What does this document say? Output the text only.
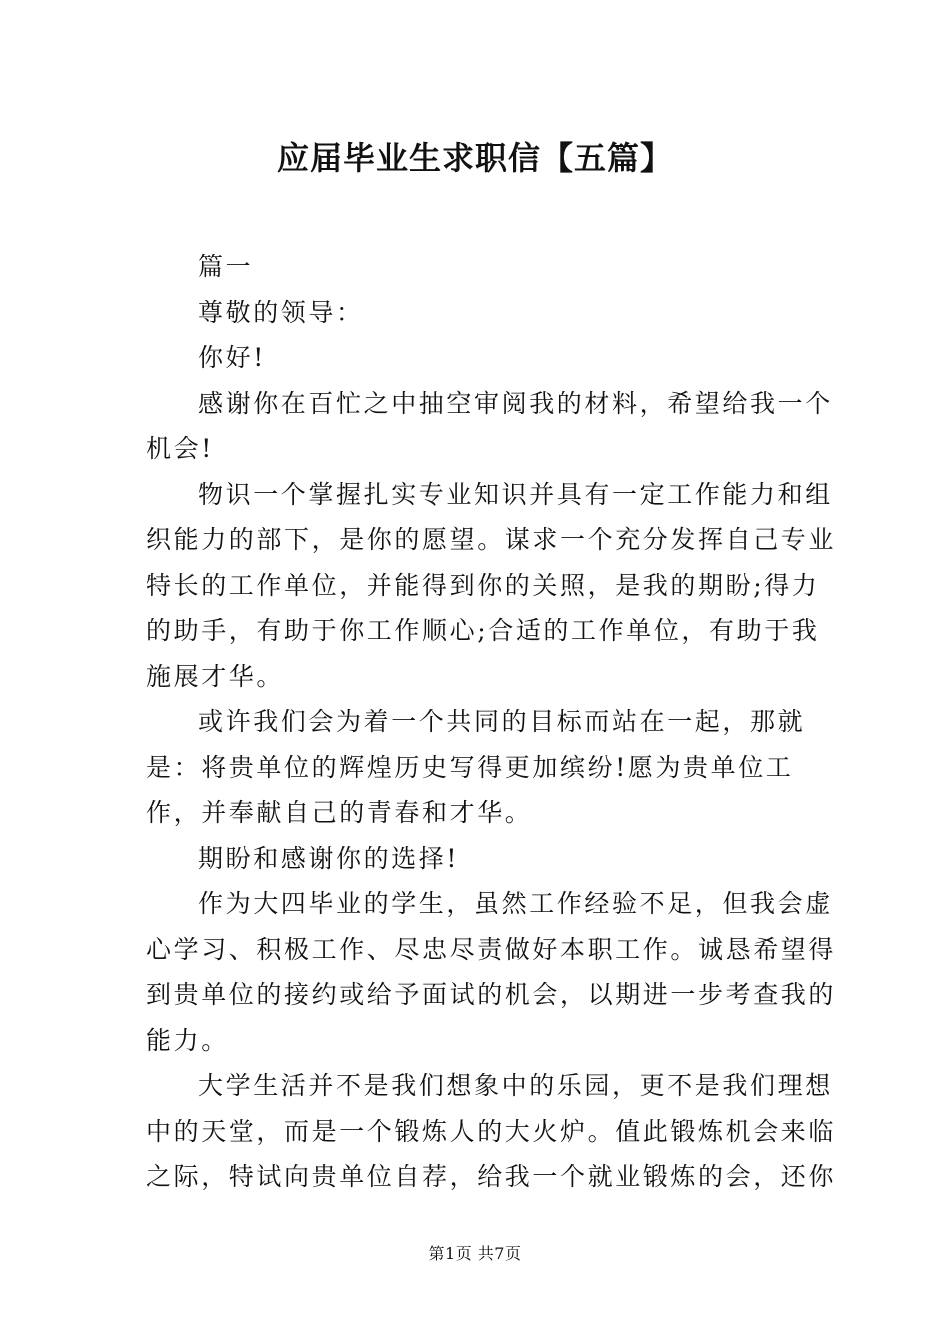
应届毕业生求职信【五篇】

篇一

尊敬的领导：

你好!

感谢你在百忙之中抽空审阅我的材料，希望给我一个机会!

物识一个掌握扎实专业知识并具有一定工作能力和组织能力的部下，是你的愿望。谋求一个充分发挥自己专业特长的工作单位，并能得到你的关照，是我的期盼;得力的助手，有助于你工作顺心;合适的工作单位，有助于我施展才华。

或许我们会为着一个共同的目标而站在一起，那就是：将贵单位的辉煌历史写得更加缤纷!愿为贵单位工作，并奉献自己的青春和才华。

期盼和感谢你的选择!

作为大四毕业的学生，虽然工作经验不足，但我会虚心学习、积极工作、尽忠尽责做好本职工作。诚恳希望得到贵单位的接约或给予面试的机会，以期进一步考查我的能力。

大学生活并不是我们想象中的乐园，更不是我们理想中的天堂，而是一个锻炼人的大火炉。值此锻炼机会来临之际，特试向贵单位自荐，给我一个就业锻炼的会，还你

第1页 共7页
